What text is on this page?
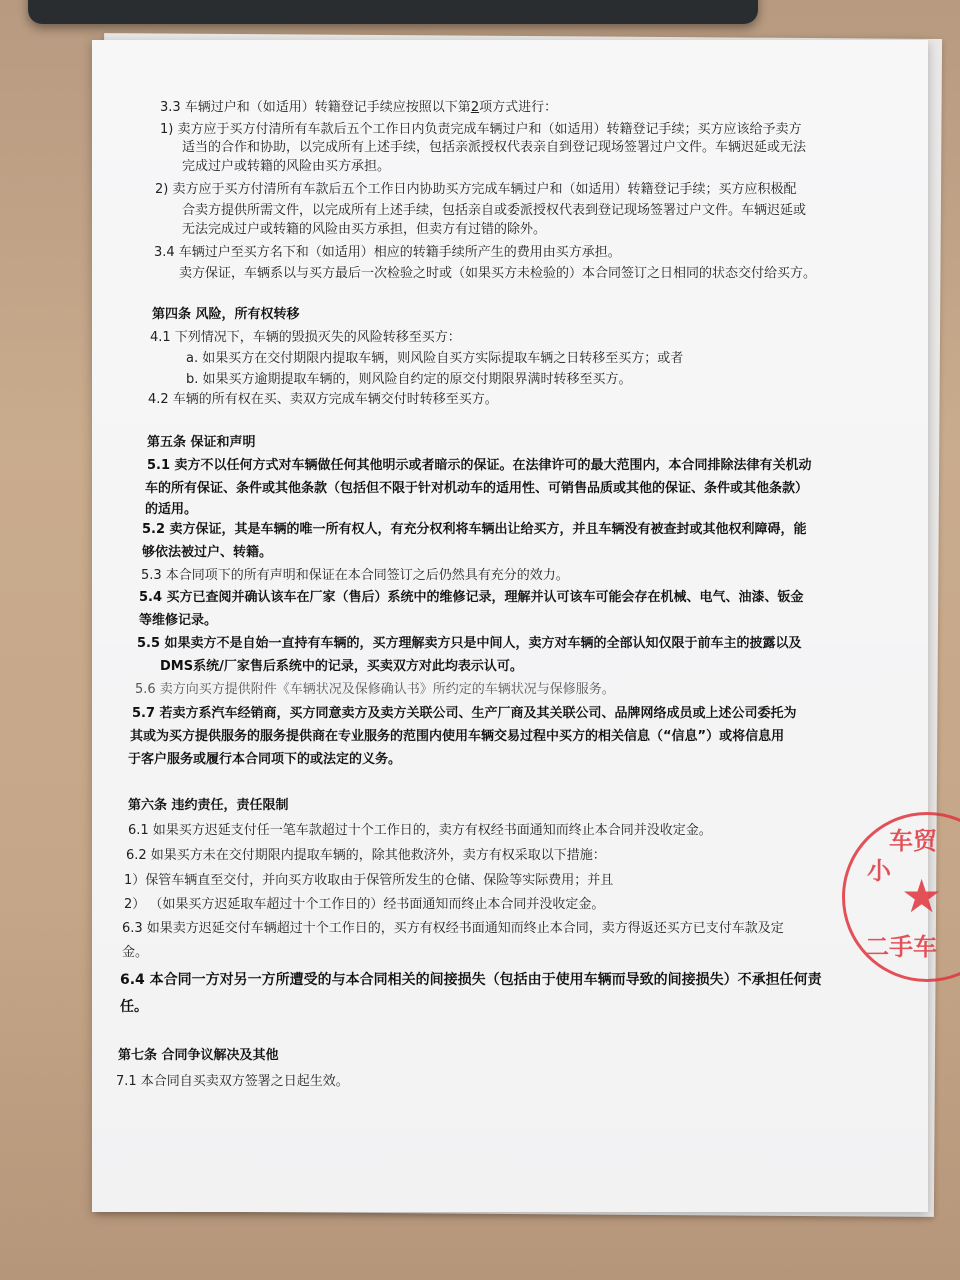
3.3 车辆过户和（如适用）转籍登记手续应按照以下第2项方式进行：
1) 卖方应于买方付清所有车款后五个工作日内负责完成车辆过户和（如适用）转籍登记手续；买方应该给予卖方
适当的合作和协助，以完成所有上述手续，包括亲派授权代表亲自到登记现场签署过户文件。车辆迟延或无法
完成过户或转籍的风险由买方承担。
2) 卖方应于买方付清所有车款后五个工作日内协助买方完成车辆过户和（如适用）转籍登记手续；买方应积极配
合卖方提供所需文件，以完成所有上述手续，包括亲自或委派授权代表到登记现场签署过户文件。车辆迟延或
无法完成过户或转籍的风险由买方承担，但卖方有过错的除外。
3.4 车辆过户至买方名下和（如适用）相应的转籍手续所产生的费用由买方承担。
卖方保证，车辆系以与买方最后一次检验之时或（如果买方未检验的）本合同签订之日相同的状态交付给买方。
第四条 风险，所有权转移
4.1 下列情况下，车辆的毁损灭失的风险转移至买方：
a. 如果买方在交付期限内提取车辆，则风险自买方实际提取车辆之日转移至买方；或者
b. 如果买方逾期提取车辆的，则风险自约定的原交付期限界满时转移至买方。
4.2 车辆的所有权在买、卖双方完成车辆交付时转移至买方。
第五条 保证和声明
5.1 卖方不以任何方式对车辆做任何其他明示或者暗示的保证。在法律许可的最大范围内，本合同排除法律有关机动
车的所有保证、条件或其他条款（包括但不限于针对机动车的适用性、可销售品质或其他的保证、条件或其他条款）
的适用。
5.2 卖方保证，其是车辆的唯一所有权人，有充分权利将车辆出让给买方，并且车辆没有被查封或其他权利障碍，能
够依法被过户、转籍。
5.3 本合同项下的所有声明和保证在本合同签订之后仍然具有充分的效力。
5.4 买方已查阅并确认该车在厂家（售后）系统中的维修记录，理解并认可该车可能会存在机械、电气、油漆、钣金
等维修记录。
5.5 如果卖方不是自始一直持有车辆的，买方理解卖方只是中间人，卖方对车辆的全部认知仅限于前车主的披露以及
DMS系统/厂家售后系统中的记录，买卖双方对此均表示认可。
5.6 卖方向买方提供附件《车辆状况及保修确认书》所约定的车辆状况与保修服务。
5.7 若卖方系汽车经销商，买方同意卖方及卖方关联公司、生产厂商及其关联公司、品牌网络成员或上述公司委托为
其或为买方提供服务的服务提供商在专业服务的范围内使用车辆交易过程中买方的相关信息（“信息”）或将信息用
于客户服务或履行本合同项下的或法定的义务。
第六条 违约责任，责任限制
6.1 如果买方迟延支付任一笔车款超过十个工作日的，卖方有权经书面通知而终止本合同并没收定金。
6.2 如果买方未在交付期限内提取车辆的，除其他救济外，卖方有权采取以下措施：
1）保管车辆直至交付，并向买方收取由于保管所发生的仓储、保险等实际费用；并且
2） （如果买方迟延取车超过十个工作日的）经书面通知而终止本合同并没收定金。
6.3 如果卖方迟延交付车辆超过十个工作日的，买方有权经书面通知而终止本合同，卖方得返还买方已支付车款及定
金。
6.4 本合同一方对另一方所遭受的与本合同相关的间接损失（包括由于使用车辆而导致的间接损失）不承担任何责
任。
第七条 合同争议解决及其他
7.1 本合同自买卖双方签署之日起生效。
车贸
小 ★
二手车
